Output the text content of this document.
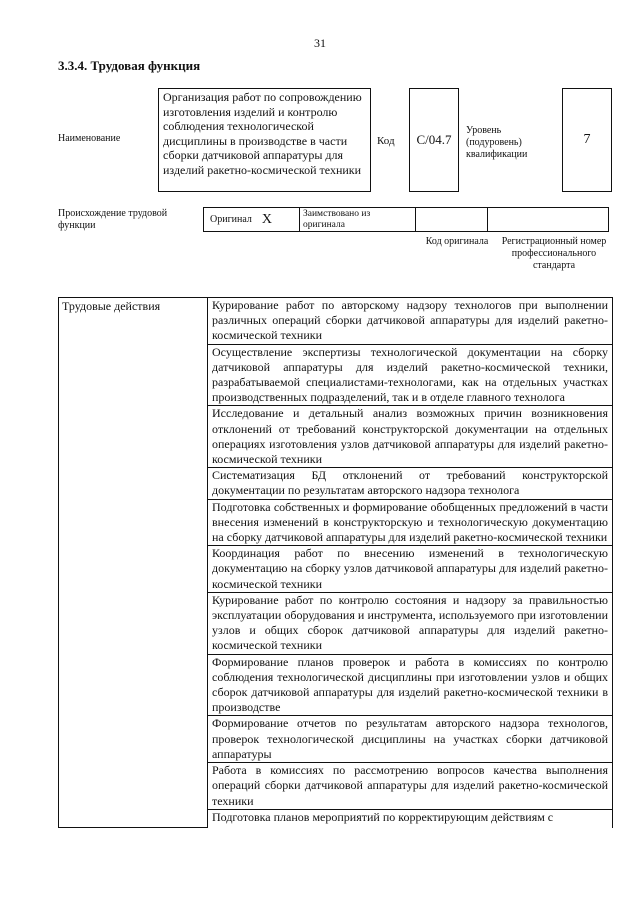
31
3.3.4. Трудовая функция
Наименование
Организация работ по сопровождению изготовления изделий и контролю соблюдения технологической дисциплины в производстве в части сборки датчиковой аппаратуры для изделий ракетно-космической техники
Код С/04.7
Уровень (подуровень) квалификации
7
Происхождение трудовой функции
Оригинал X	Заимствовано из оригинала
Код оригинала	Регистрационный номер профессионального стандарта
Трудовые действия	Курирование работ по авторскому надзору технологов при выполнении различных операций сборки датчиковой аппаратуры для изделий ракетно-космической техники
Осуществление экспертизы технологической документации на сборку датчиковой аппаратуры для изделий ракетно-космической техники, разрабатываемой специалистами-технологами, как на отдельных участках производственных подразделений, так и в отделе главного технолога
Исследование и детальный анализ возможных причин возникновения отклонений от требований конструкторской документации на отдельных операциях изготовления узлов датчиковой аппаратуры для изделий ракетно-космической техники
Систематизация БД отклонений от требований конструкторской документации по результатам авторского надзора технолога
Подготовка собственных и формирование обобщенных предложений в части внесения изменений в конструкторскую и технологическую документацию на сборку датчиковой аппаратуры для изделий ракетно-космической техники
Координация работ по внесению изменений в технологическую документацию на сборку узлов датчиковой аппаратуры для изделий ракетно-космической техники
Курирование работ по контролю состояния и надзору за правильностью эксплуатации оборудования и инструмента, используемого при изготовлении узлов и общих сборок датчиковой аппаратуры для изделий ракетно-космической техники
Формирование планов проверок и работа в комиссиях по контролю соблюдения технологической дисциплины при изготовлении узлов и общих сборок датчиковой аппаратуры для изделий ракетно-космической техники в производстве
Формирование отчетов по результатам авторского надзора технологов, проверок технологической дисциплины на участках сборки датчиковой аппаратуры
Работа в комиссиях по рассмотрению вопросов качества выполнения операций сборки датчиковой аппаратуры для изделий ракетно-космической техники
Подготовка планов мероприятий по корректирующим действиям с
